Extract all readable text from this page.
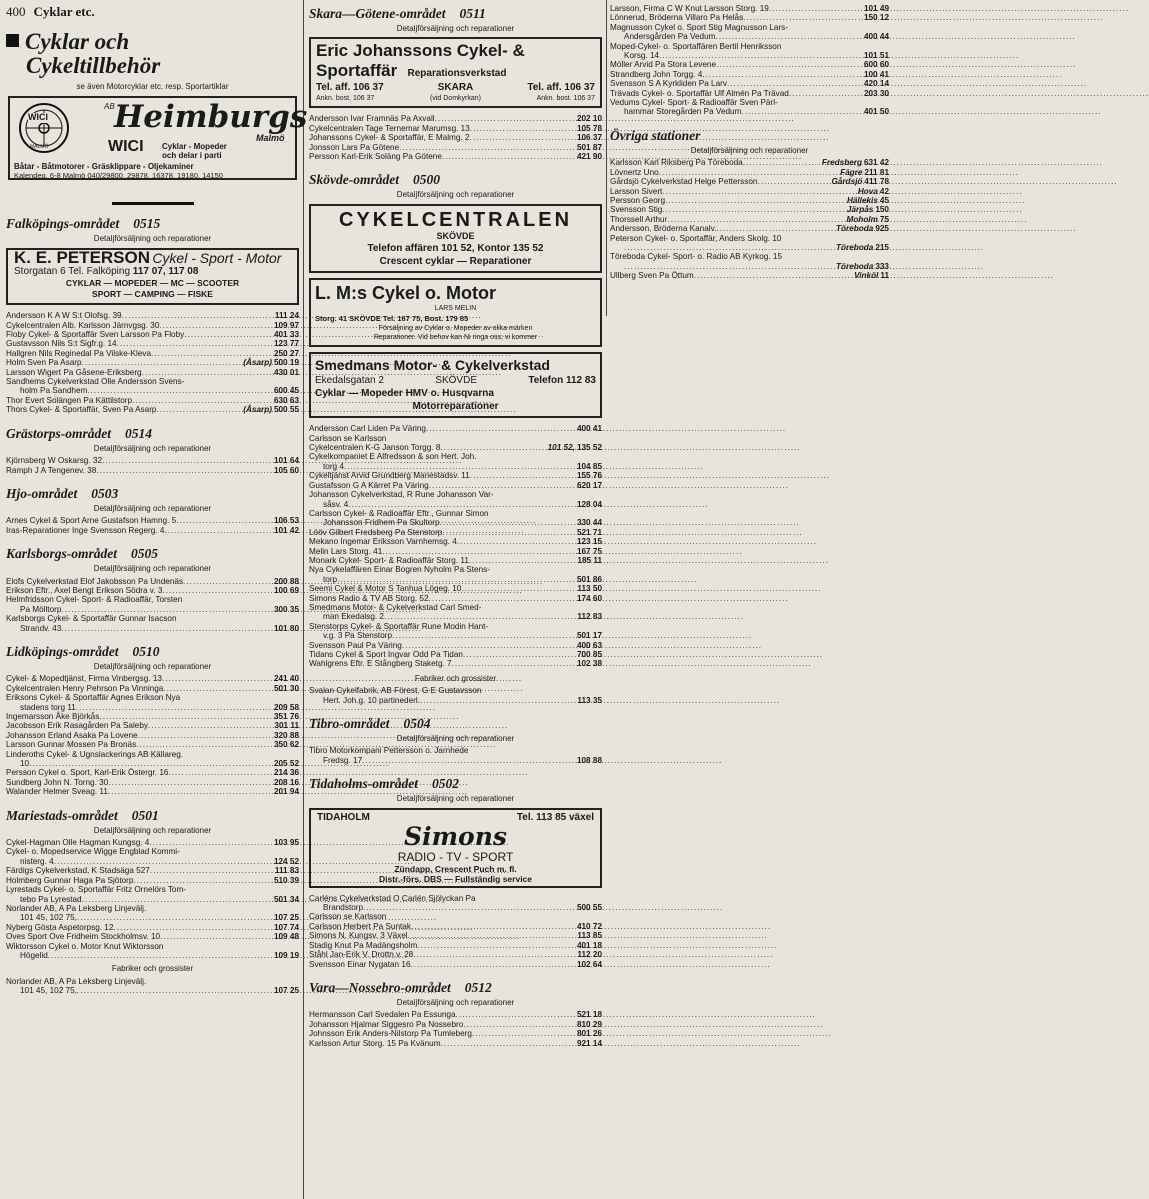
400 Cyklar etc.
Cyklar och
Cykeltillbehör
se även Motorcyklar etc. resp. Sportartiklar
WICI
MALMÖ
AB Heimburgs
Malmö
WICI Cyklar - Mopeder
och delar i parti
Båtar - Båtmotorer - Gräsklippare - Oljekaminer
Kalendeg. 6-8 Malmö 040/29800, 29878, 16378, 19180, 14150
Falköpings-området 0515
Detaljförsäljning och reparationer
K. E. PETERSON Cykel - Sport - Motor
Storgatan 6 Tel. Falköping 117 07, 117 08
CYKLAR — MOPEDER — MC — SCOOTER
SPORT — CAMPING — FISKE
Andersson K A W S:t Olofsg. 39 .....	111 24
Cykelcentralen Alb. Karlsson Järnvgsg. 30 .....	109 97
Floby Cykel- & Sportaffär Sven Larsson Pa Floby .....	401 33
Gustavsson Nils S:t Sigfr.g. 14 .....	123 77
Hallgren Nils Reginedal Pa Vilske-Kleva .....	250 27
Holm Sven Pa Asarp .....	(Åsarp) 500 19
Larsson Wigert Pa Gåsene-Eriksberg .....	430 01
Sandhems Cykelverkstad Olle Andersson Svens-
holm Pa Sandhem .....	600 45
Thor Evert Solängen Pa Kättilstorp .....	630 63
Thors Cykel- & Sportaffär, Sven Pa Asarp .....	(Åsarp) 500 55
Grästorps-området 0514
Detaljförsäljning och reparationer
Kjörnsberg W Oskarsg. 32 .....	101 64
Ramph J A Tengenev. 38 .....	105 60
Hjo-området 0503
Detaljförsäljning och reparationer
Arnes Cykel & Sport Arne Gustafson Hamng. 5 .....	106 53
Iras-Reparationer Inge Svensson Regerg. 4 .....	101 42
Karlsborgs-området 0505
Detaljförsäljning och reparationer
Elofs Cykelverkstad Elof Jakobsson Pa Undenäs .....	200 88
Erikson Eftr., Axel Bengt Erikson Södra v. 3 .....	100 69
Helmfridsson Cykel- Sport- & Radioaffär, Torsten
Pa Mölltorp .....	300 35
Karlsborgs Cykel- & Sportaffär Gunnar Isacson
Strandv. 43 .....	101 80
Lidköpings-området 0510
Detaljförsäljning och reparationer
Cykel- & Mopedtjänst, Firma Vinbergsg. 13 .....	241 40
Cykelcentralen Henry Pehrson Pa Vinninga .....	501 30
Eriksons Cykel- & Sportaffär Agnes Erikson Nya
stadens torg 11 .....	209 58
Ingemarsson Åke Björkås .....	351 76
Jacobsson Erik Rasagården Pa Saleby .....	301 11
Johansson Erland Asaka Pa Lovene .....	320 88
Larsson Gunnar Mossen Pa Bronäs .....	350 62
Linderoths Cykel- & Ugnslackerings AB Källareg.
10 .....	205 52
Persson Cykel o. Sport, Karl-Erik Östergr. 16 .....	214 36
Sundberg John N. Torng. 30 .....	208 16
Walander Helmer Sveag. 11 .....	201 94
Mariestads-området 0501
Detaljförsäljning och reparationer
Cykel-Hagman Olle Hagman Kungsg. 4 .....	103 95
Cykel- o. Mopedservice Wigge Engblad Kommi-
nisterg. 4 .....	124 52
Färdigs Cykelverkstad, K Stadsäga 527 .....	111 83
Holmberg Gunnar Haga Pa Sjötorp .....	510 39
Lyrestads Cykel- o. Sportaffär Fritz Ornelörs Tom-
tebo Pa Lyrestad .....	501 34
Norlander AB, A Pa Leksberg Linjevälj.
101 45, 102 75, .....	107 25
Nyberg Gösta Aspetorpsg. 12 .....	107 74
Oves Sport Ove Fridheim Stockholmsv. 10 .....	109 48
Wiktorsson Cykel o. Motor Knut Wiktorsson
Högelid .....	109 19
Fabriker och grossister
Norlander AB, A Pa Leksberg Linjevälj.
101 45, 102 75, .....	107 25
Skara—Götene-området 0511
Detaljförsäljning och reparationer
Eric Johanssons Cykel- &
Sportaffär Reparationsverkstad
Tel. aff. 106 37	SKARA	Tel. aff. 106 37
Ankn. bost. 106 37	(vid Domkyrkan)	Ankn. bost. 106 37
Andersson Ivar Framnäs Pa Axvall .....	202 10
Cykelcentralen Tage Ternemar Marumsg. 13 .....	105 78
Johanssons Cykel- & Sportaffär, E Malmg. 2 .....	106 37
Jonsson Lars Pa Götene .....	501 87
Persson Karl-Erik Soläng Pa Götene .....	421 90
Skövde-området 0500
Detaljförsäljning och reparationer
CYKELCENTRALEN
SKÖVDE
Telefon affären 101 52, Kontor 135 52
Crescent cyklar — Reparationer
L. M:s Cykel o. Motor
LARS MELIN
Storg. 41 SKÖVDE Tel. 167 75, Bost. 179 85
Försäljning av Cyklar o. Mopeder av olika märken
Reparationer. Vid behov kan Ni ringa oss; vi kommer
Smedmans Motor- & Cykelverkstad
Ekedalsgatan 2	SKÖVDE	Telefon 112 83
Cyklar — Mopeder HMV o. Husqvarna
Motorreparationer
Andersson Carl Liden Pa Väring .....	400 41
Carlsson se Karlsson
Cykelcentralen K-G Janson Torgg. 8 .....	101 52, 135 52
Cykelkompaniet E Alfredsson & son Hert. Joh.
torg 4 .....	104 85
Cykeltjänst Arvid Grundberg Mariestadsv. 11 .....	155 76
Gustafsson G A Kärret Pa Väring .....	620 17
Johansson Cykelverkstad, R Rune Johansson Var-
såsv. 4 .....	128 04
Carlsson Cykel- & Radioaffär Eftr., Gunnar Simon
Johansson Fridhem Pa Skultorp .....	330 44
Lööv Gilbert Fredsberg Pa Stenstorp .....	521 71
Mekano Ingemar Eriksson Varnhemsg. 4 .....	123 15
Melin Lars Storg. 41 .....	167 75
Monark Cykel- Sport- & Radioaffär Storg. 11 .....	185 11
Nya Cykelaffären Einar Bogren Nyholm Pa Stens-
torp .....	501 86
Seemi Cykel & Motor S Tanhua Lögeg. 10 .....	113 50
Simons Radio & TV AB Storg. 52 .....	174 60
Smedmans Motor- & Cykelverkstad Carl Smed-
man Ekedalsg. 2 .....	112 83
Stenstorps Cykel- & Sportaffär Rune Modin Hant-
v.g. 3 Pa Stenstorp .....	501 17
Svensson Paul Pa Väring .....	400 63
Tidans Cykel & Sport Ingvar Odd Pa Tidan .....	700 85
Wahlgrens Eftr. E Stångberg Staketg. 7 .....	102 38
Fabriker och grossister
Svalan Cykelfabrik, AB Förest. G E Gustavsson
Hert. Joh.g. 10 partinederl. .....	113 35
Tibro-området 0504
Detaljförsäljning och reparationer
Tibro Motorkompani Pettersson o. Jarnhede
Fredsg. 17 .....	108 88
Tidaholms-området 0502
Detaljförsäljning och reparationer
TIDAHOLM	Tel. 113 85 växel
Simons
RADIO - TV - SPORT
Zündapp, Crescent Puch m. fl.
Distr.-förs. DBS — Fullständig service
Carléns Cykelverkstad O Carlén Sjölyckan Pa
Brandstorp .....	500 55
Carlsson se Karlsson
Carlsson Herbert Pa Suntak .....	410 72
Simons N. Kungsv. 3 Växel .....	113 85
Stadig Knut Pa Madängsholm .....	401 18
Ståhl Jan-Erik V. Drottn.v. 28 .....	112 20
Svensson Einar Nygatan 16 .....	102 64
Vara—Nossebro-området 0512
Detaljförsäljning och reparationer
Hermansson Carl Svedalen Pa Essunga .....	521 18
Johansson Hjalmar Siggesro Pa Nossebro .....	810 29
Johnsson Erik Anders-Nilstorp Pa Tumleberg .....	801 26
Karlsson Artur Storg. 15 Pa Kvänum .....	921 14
Larsson, Firma C W Knut Larsson Storg. 19 .....	101 49
Lönnerud, Bröderna Villaro Pa Helås .....	150 12
Magnusson Cykel o. Sport Stig Magnusson Lars-
Andersgården Pa Vedum .....	400 44
Moped-Cykel- o. Sportaffären Bertil Henriksson
Korsg. 14 .....	101 51
Möller Arvid Pa Stora Levene .....	600 60
Strandberg John Torgg. 4 .....	100 41
Svensson S A Kyrkliden Pa Larv .....	420 14
Trävads Cykel- o. Sportaffär Ulf Almén Pa Trävad .....	203 30
Vedums Cykel- Sport- & Radioaffär Sven Pärl-
hammar Storegården Pa Vedum .....	401 50
Övriga stationer
Detaljförsäljning och reparationer
Karlsson Karl Riksberg Pa Töreboda .....	Fredsberg 631 42
Lövnertz Uno .....	Fägre 211 81
Gårdsjö Cykelverkstad Helge Pettersson .....	Gårdsjö 411 78
Larsson Sivert .....	Hova 42
Persson Georg .....	Hällekis 45
Svensson Stig .....	Järpås 150
Thorssell Arthur .....	Moholm 75
Andersson, Bröderna Kanalv. .....	Töreboda 925
Peterson Cykel- o. Sportaffär, Anders Skolg. 10
.....
Töreboda 215
Töreboda Cykel- Sport- o. Radio AB Kyrkog. 15
.....
Töreboda 333
Ullberg Sven Pa Öttum .....	Vinköl 11
